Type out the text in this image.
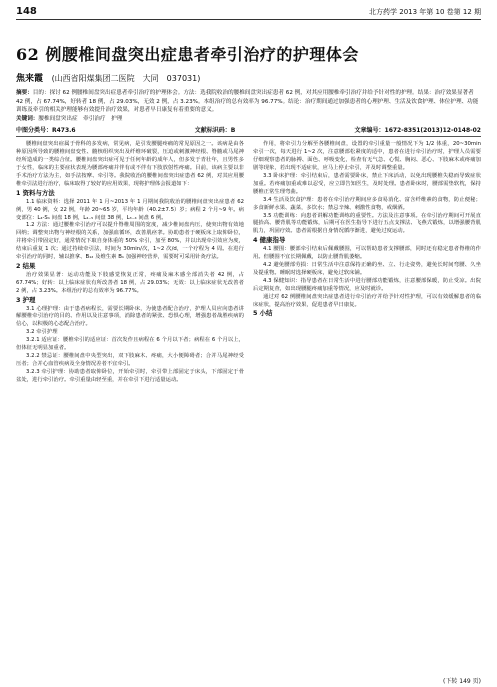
148	北方药学 2013 年第 10 卷第 12 期
62 例腰椎间盘突出症患者牵引治疗的护理体会
焦来霞 (山西省阳煤集团二医院　大同　037031)
摘要：目的：探讨 62 例腰椎间盘突出症患者牵引治疗的护理体会。方法：选我院收治的腰椎间盘突出症患者 62 例，对其应用腰椎牵引治疗并给予针对性的护理。结果：治疗效果显著者 42 例，占 67.74%，好转者 18 例，占 29.03%，无效 2 例，占 3.23%。本组治疗的总有效率为 96.77%。结论：治疗期间通过加强患者的心理护理、生活及饮食护理、体位护理、功能训练及牵引的相关护理能够有效提升治疗效果，对患者早日康复有着重要的意义。
关键词：腰椎间盘突出症　牵引治疗　护理
中图分类号：R473.6	文献标识码：B	文章编号：1672-8351(2013)12-0148-02

腰椎间盘突出症属于骨科的多发病，常见病，是引发腰腿疼痛的常见原因之一。该病是由各种原因所导致的腰椎间盘变性、髓核组织突出及纤维环破裂，压迫或刺激神经根、脊髓或马尾神经所造成的一类综合征。腰椎间盘突出症可见于任何年龄的成年人，但多发于青壮年，且男性多于女性，临床的主要症状表现为腰部疼痛并伴有或不伴有下肢放射性疼痛。目前，该病主要以非手术治疗方法为主，如手法按摩、牵引等。我院收治的腰椎间盘突出症患者 62 例，对其应用腰椎牵引法进行治疗，临床取得了较好的应用效果，现将护理体会报道如下：

1 资料与方法

1.1 临床资料：选择 2011 年 1 月~2013 年 1 月期间我院收治的腰椎间盘突出症患者 62 例，男 40 例，女 22 例，年龄 20~65 岁，平均年龄（40.2±7.5）岁；病程 2 个月~9 年。病变部位：L₄-S₁ 间盘 18 例，L₄₋₅ 间盘 38 例，L₃₋₄ 间盘 6 例。

1.2 方法：通过腰椎牵引治疗可以提升脊椎周围的宽度，减少椎间盘内压，使突出物有效地回纳；调整突出物与神经根的关系，加强血循环，改善肌痉挛。协助患者于硬板床上取仰卧位，并将牵引带固定好，通常情况下取自身体重的 50% 牵引，加至 80%，并以出现牵引效应为度，结束后重复 1 次；通过持续牵引法，时间为 30min/次，1~2 次/d，一个疗程为 4 周。在进行牵引治疗的同时，辅以推拿、B₁₂ 及维生素 B₁ 加强神经营养，需要时可采用针灸疗法。

2 结果

治疗效果显著：运动功能及下肢感觉恢复正常，疼痛及麻木感全部消失者 42 例，占 67.74%；好转：以上临床症状有所改善者 18 例，占 29.03%；无效：以上临床症状无改善者 2 例，占 3.23%。本组治疗的总有效率为 96.77%。

3 护理

3.1 心理护理：由于患者病程长，需要长期卧床，为使患者配合治疗，护理人员应向患者讲解腰椎牵引治疗的目的、作用以及注意事项，消除患者的紧张、恐惧心理，增强患者战胜疾病的信心，以积极的心态配合治疗。

3.2 牵引护理

3.2.1 适应证：腰椎牵引的适应证：首次发作且病程在 6 个月以下者；病程在 6 个月以上，但体征无明显加重者。

3.2.2 禁忌证：腰椎间盘中央型突出，双下肢麻木、疼痛，大小便障碍者；合并马尾神经受压者；合并心血管疾病及全身情况差者不宜牵引。

3.2.3 牵引护理：协助患者取仰卧位，开始牵引时，牵引带上部固定于床头，下部固定于骨盆处，进行牵引治疗。牵引重量由轻至重，并在牵引下进行适量运动。

作用，将牵引力分解至各腰椎间盘，设置的牵引重量一般情况下为 1/2 体重，20~30min 牵引一次，每天进行 1~2 次，注意腰部松紧度的适中，患者在进行牵引治疗时，护理人员需要仔细观察患者的脉搏、面色、呼吸变化，检查有无气急、心慌、胸闷、恶心、下肢麻木或疼痛加剧等现象，若出现不适症状，应马上停止牵引，并及时调整重量。

3.3 卧床护理：牵引结束后，患者需要卧床，禁止下床活动，以免出现腰椎失稳而导致症状加重。若疼痛加重或难以忍受，应立即告知医生，及时处理。患者卧床时，腰部需垫软枕，保持腰椎正常生理弯曲。

3.4 生活及饮食护理：患者在牵引治疗期间应多食易消化、富含纤维素的食物，防止便秘；多食新鲜水果、蔬菜，多饮水；禁忌辛辣、刺激性食物，戒烟酒。

3.5 功能训练：向患者讲解功能训练的重要性。方法及注意事项。在牵引治疗期间可开展直腿抬高、腰背肌等功能锻炼，后期可在医生指导下进行五点支撑法、飞燕式锻炼，以增强腰背肌肌力，巩固疗效。患者需根据自身情况循序渐进，避免过度运动。

4 健康指导

4.1 腰围：腰部牵引结束后佩戴腰围，可以帮助患者支撑腰部，同时还有稳定患者脊椎的作用。但腰围不宜长期佩戴，以防止腰背肌萎缩。

4.2 避免腰部劳损：日常生活中注意保持正确的坐、立、行走姿势，避免长时间弯腰、久坐及提重物。睡眠时选择硬板床，避免过软床铺。

4.3 保健知识：指导患者在日常生活中进行腰部功能锻炼，注意腰部保暖，防止受凉。出院后定期复查，如出现腰腿疼痛加重等情况，应及时就诊。

通过对 62 例腰椎间盘突出症患者进行牵引治疗并给予针对性护理，可以有效缓解患者的临床症状，提高治疗效果，促进患者早日康复。

5 小结

(下转 149 页)
